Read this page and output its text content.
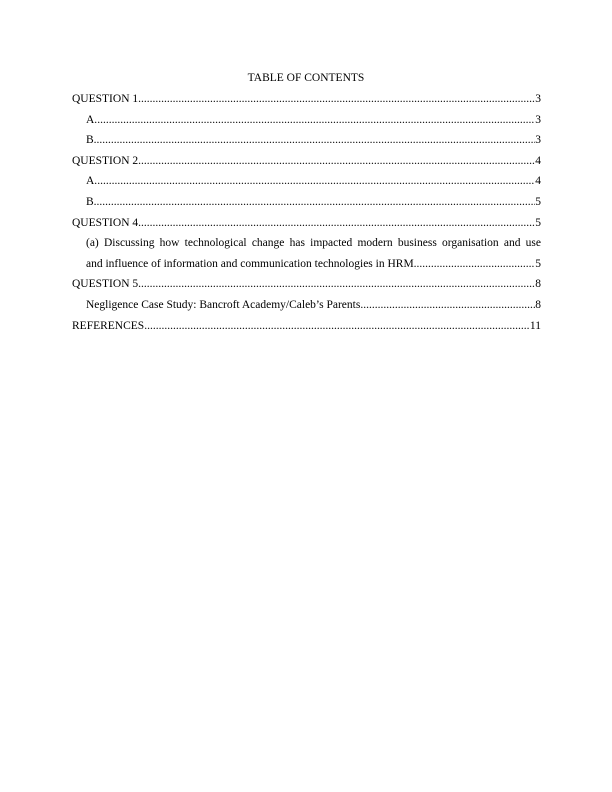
TABLE OF CONTENTS
QUESTION 1 .....	3
A. .....	3
B. .....	3
QUESTION 2 .....	4
A. .....	4
B. .....	5
QUESTION 4 .....	5
(a) Discussing how technological change has impacted modern business organisation and use
and influence of information and communication technologies in HRM .....	5
QUESTION 5 .....	8
Negligence Case Study: Bancroft Academy/Caleb’s Parents .....	8
REFERENCES .....	11
